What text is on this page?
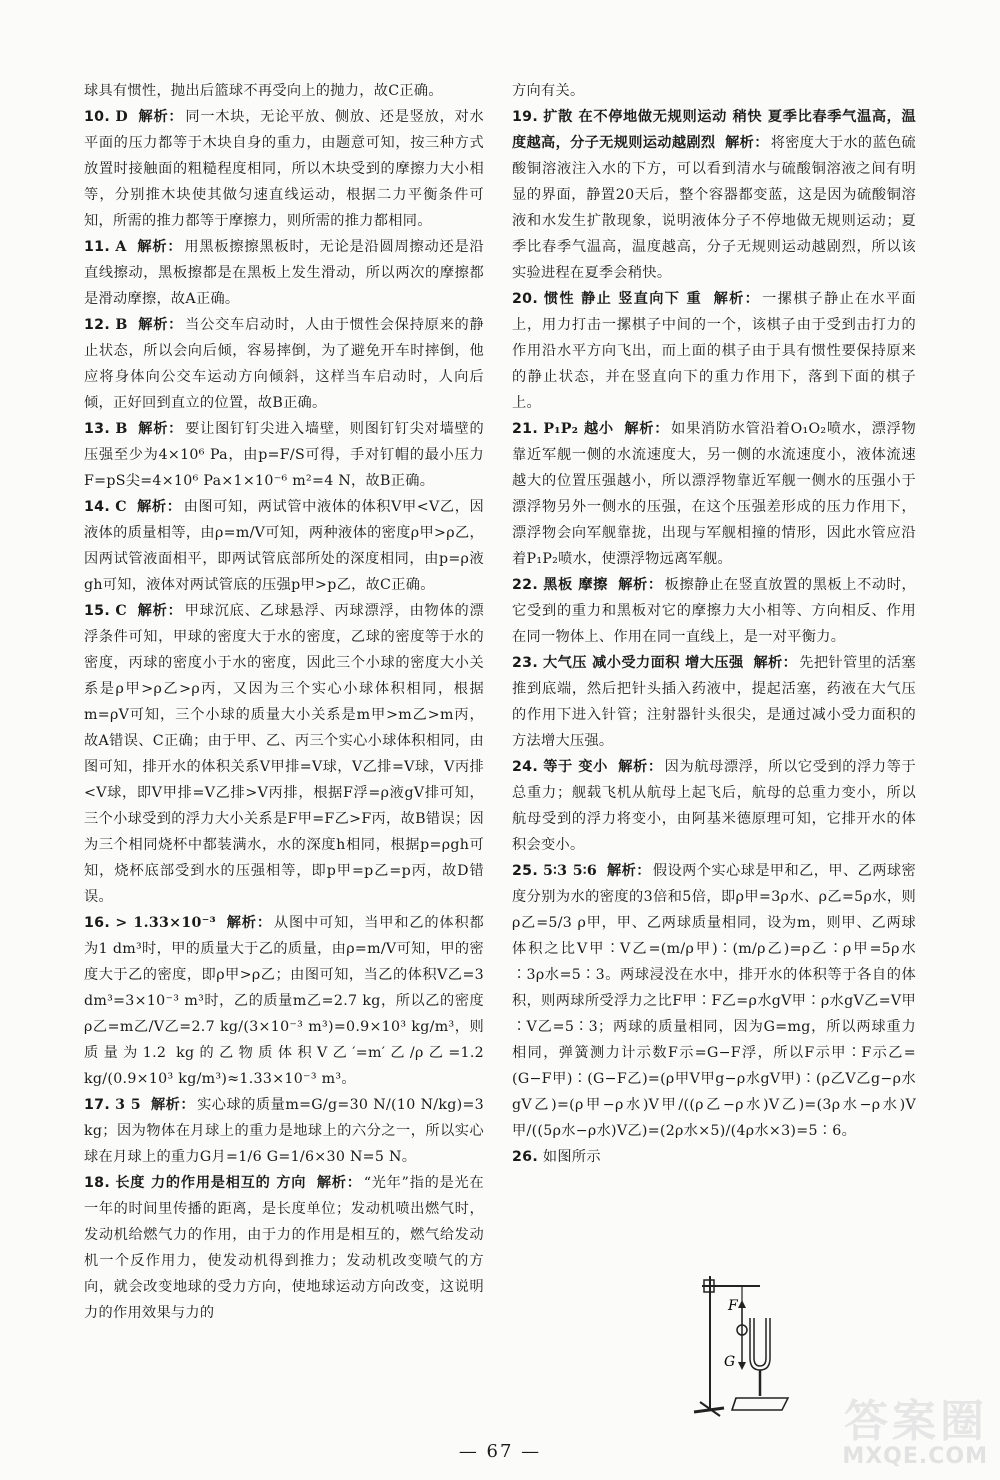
球具有惯性，抛出后篮球不再受向上的抛力，故C正确。

10. D 解析： 同一木块，无论平放、侧放、还是竖放，对水平面的压力都等于木块自身的重力，由题意可知，按三种方式放置时接触面的粗糙程度相同，所以木块受到的摩擦力大小相等，分别推木块使其做匀速直线运动，根据二力平衡条件可知，所需的推力都等于摩擦力，则所需的推力都相同。

11. A 解析： 用黑板擦擦黑板时，无论是沿圆周擦动还是沿直线擦动，黑板擦都是在黑板上发生滑动，所以两次的摩擦都是滑动摩擦，故A正确。

12. B 解析： 当公交车启动时，人由于惯性会保持原来的静止状态，所以会向后倾，容易摔倒，为了避免开车时摔倒，他应将身体向公交车运动方向倾斜，这样当车启动时，人向后倾，正好回到直立的位置，故B正确。

13. B 解析： 要让图钉钉尖进入墙壁，则图钉钉尖对墙壁的压强至少为4×10⁶ Pa，由p=F/S可得，手对钉帽的最小压力F=pS尖=4×10⁶ Pa×1×10⁻⁶ m²=4 N，故B正确。

14. C 解析： 由图可知，两试管中液体的体积V甲<V乙，因液体的质量相等，由ρ=m/V可知，两种液体的密度ρ甲>ρ乙，因两试管液面相平，即两试管底部所处的深度相同，由p=ρ液gh可知，液体对两试管底的压强p甲>p乙，故C正确。

15. C 解析： 甲球沉底、乙球悬浮、丙球漂浮，由物体的漂浮条件可知，甲球的密度大于水的密度，乙球的密度等于水的密度，丙球的密度小于水的密度，因此三个小球的密度大小关系是ρ甲>ρ乙>ρ丙，又因为三个实心小球体积相同，根据m=ρV可知，三个小球的质量大小关系是m甲>m乙>m丙，故A错误、C正确；由于甲、乙、丙三个实心小球体积相同，由图可知，排开水的体积关系V甲排=V球，V乙排=V球，V丙排<V球，即V甲排=V乙排>V丙排，根据F浮=ρ液gV排可知，三个小球受到的浮力大小关系是F甲=F乙>F丙，故B错误；因为三个相同烧杯中都装满水，水的深度h相同，根据p=ρgh可知，烧杯底部受到水的压强相等，即p甲=p乙=p丙，故D错误。

16. > 1.33×10⁻³ 解析： 从图中可知，当甲和乙的体积都为1 dm³时，甲的质量大于乙的质量，由ρ=m/V可知，甲的密度大于乙的密度，即ρ甲>ρ乙；由图可知，当乙的体积V乙=3 dm³=3×10⁻³ m³时，乙的质量m乙=2.7 kg，所以乙的密度ρ乙=m乙/V乙=2.7 kg/(3×10⁻³ m³)=0.9×10³ kg/m³，则质量为1.2 kg的乙物质体积V乙′=m′乙/ρ乙=1.2 kg/(0.9×10³ kg/m³)≈1.33×10⁻³ m³。

17. 3 5 解析： 实心球的质量m=G/g=30 N/(10 N/kg)=3 kg；因为物体在月球上的重力是地球上的六分之一，所以实心球在月球上的重力G月=1/6 G=1/6×30 N=5 N。

18. 长度 力的作用是相互的 方向 解析： “光年”指的是光在一年的时间里传播的距离，是长度单位；发动机喷出燃气时，发动机给燃气力的作用，由于力的作用是相互的，燃气给发动机一个反作用力，使发动机得到推力；发动机改变喷气的方向，就会改变地球的受力方向，使地球运动方向改变，这说明力的作用效果与力的

方向有关。

19. 扩散 在不停地做无规则运动 稍快 夏季比春季气温高，温度越高，分子无规则运动越剧烈 解析： 将密度大于水的蓝色硫酸铜溶液注入水的下方，可以看到清水与硫酸铜溶液之间有明显的界面，静置20天后，整个容器都变蓝，这是因为硫酸铜溶液和水发生扩散现象，说明液体分子不停地做无规则运动；夏季比春季气温高，温度越高，分子无规则运动越剧烈，所以该实验进程在夏季会稍快。

20. 惯性 静止 竖直向下 重 解析： 一摞棋子静止在水平面上，用力打击一摞棋子中间的一个，该棋子由于受到击打力的作用沿水平方向飞出，而上面的棋子由于具有惯性要保持原来的静止状态，并在竖直向下的重力作用下，落到下面的棋子上。

21. P₁P₂ 越小 解析： 如果消防水管沿着O₁O₂喷水，漂浮物靠近军舰一侧的水流速度大，另一侧的水流速度小，液体流速越大的位置压强越小，所以漂浮物靠近军舰一侧水的压强小于漂浮物另外一侧水的压强，在这个压强差形成的压力作用下，漂浮物会向军舰靠拢，出现与军舰相撞的情形，因此水管应沿着P₁P₂喷水，使漂浮物远离军舰。

22. 黑板 摩擦 解析： 板擦静止在竖直放置的黑板上不动时，它受到的重力和黑板对它的摩擦力大小相等、方向相反、作用在同一物体上、作用在同一直线上，是一对平衡力。

23. 大气压 减小受力面积 增大压强 解析： 先把针管里的活塞推到底端，然后把针头插入药液中，提起活塞，药液在大气压的作用下进入针管；注射器针头很尖，是通过减小受力面积的方法增大压强。

24. 等于 变小 解析： 因为航母漂浮，所以它受到的浮力等于总重力；舰载飞机从航母上起飞后，航母的总重力变小，所以航母受到的浮力将变小，由阿基米德原理可知，它排开水的体积会变小。

25. 5∶3 5∶6 解析： 假设两个实心球是甲和乙，甲、乙两球密度分别为水的密度的3倍和5倍，即ρ甲=3ρ水、ρ乙=5ρ水，则ρ乙=5/3 ρ甲，甲、乙两球质量相同，设为m，则甲、乙两球体积之比V甲∶V乙=(m/ρ甲)∶(m/ρ乙)=ρ乙∶ρ甲=5ρ水∶3ρ水=5∶3。两球浸没在水中，排开水的体积等于各自的体积，则两球所受浮力之比F甲∶F乙=ρ水gV甲∶ρ水gV乙=V甲∶V乙=5∶3；两球的质量相同，因为G=mg，所以两球重力相同，弹簧测力计示数F示=G−F浮，所以F示甲∶F示乙=(G−F甲)∶(G−F乙)=(ρ甲V甲g−ρ水gV甲)∶(ρ乙V乙g−ρ水gV乙)=(ρ甲−ρ水)V甲/((ρ乙−ρ水)V乙)=(3ρ水−ρ水)V甲/((5ρ水−ρ水)V乙)=(2ρ水×5)/(4ρ水×3)=5∶6。

26. 如图所示

F
G
— 67 —
答案圈
MXQE.COM
